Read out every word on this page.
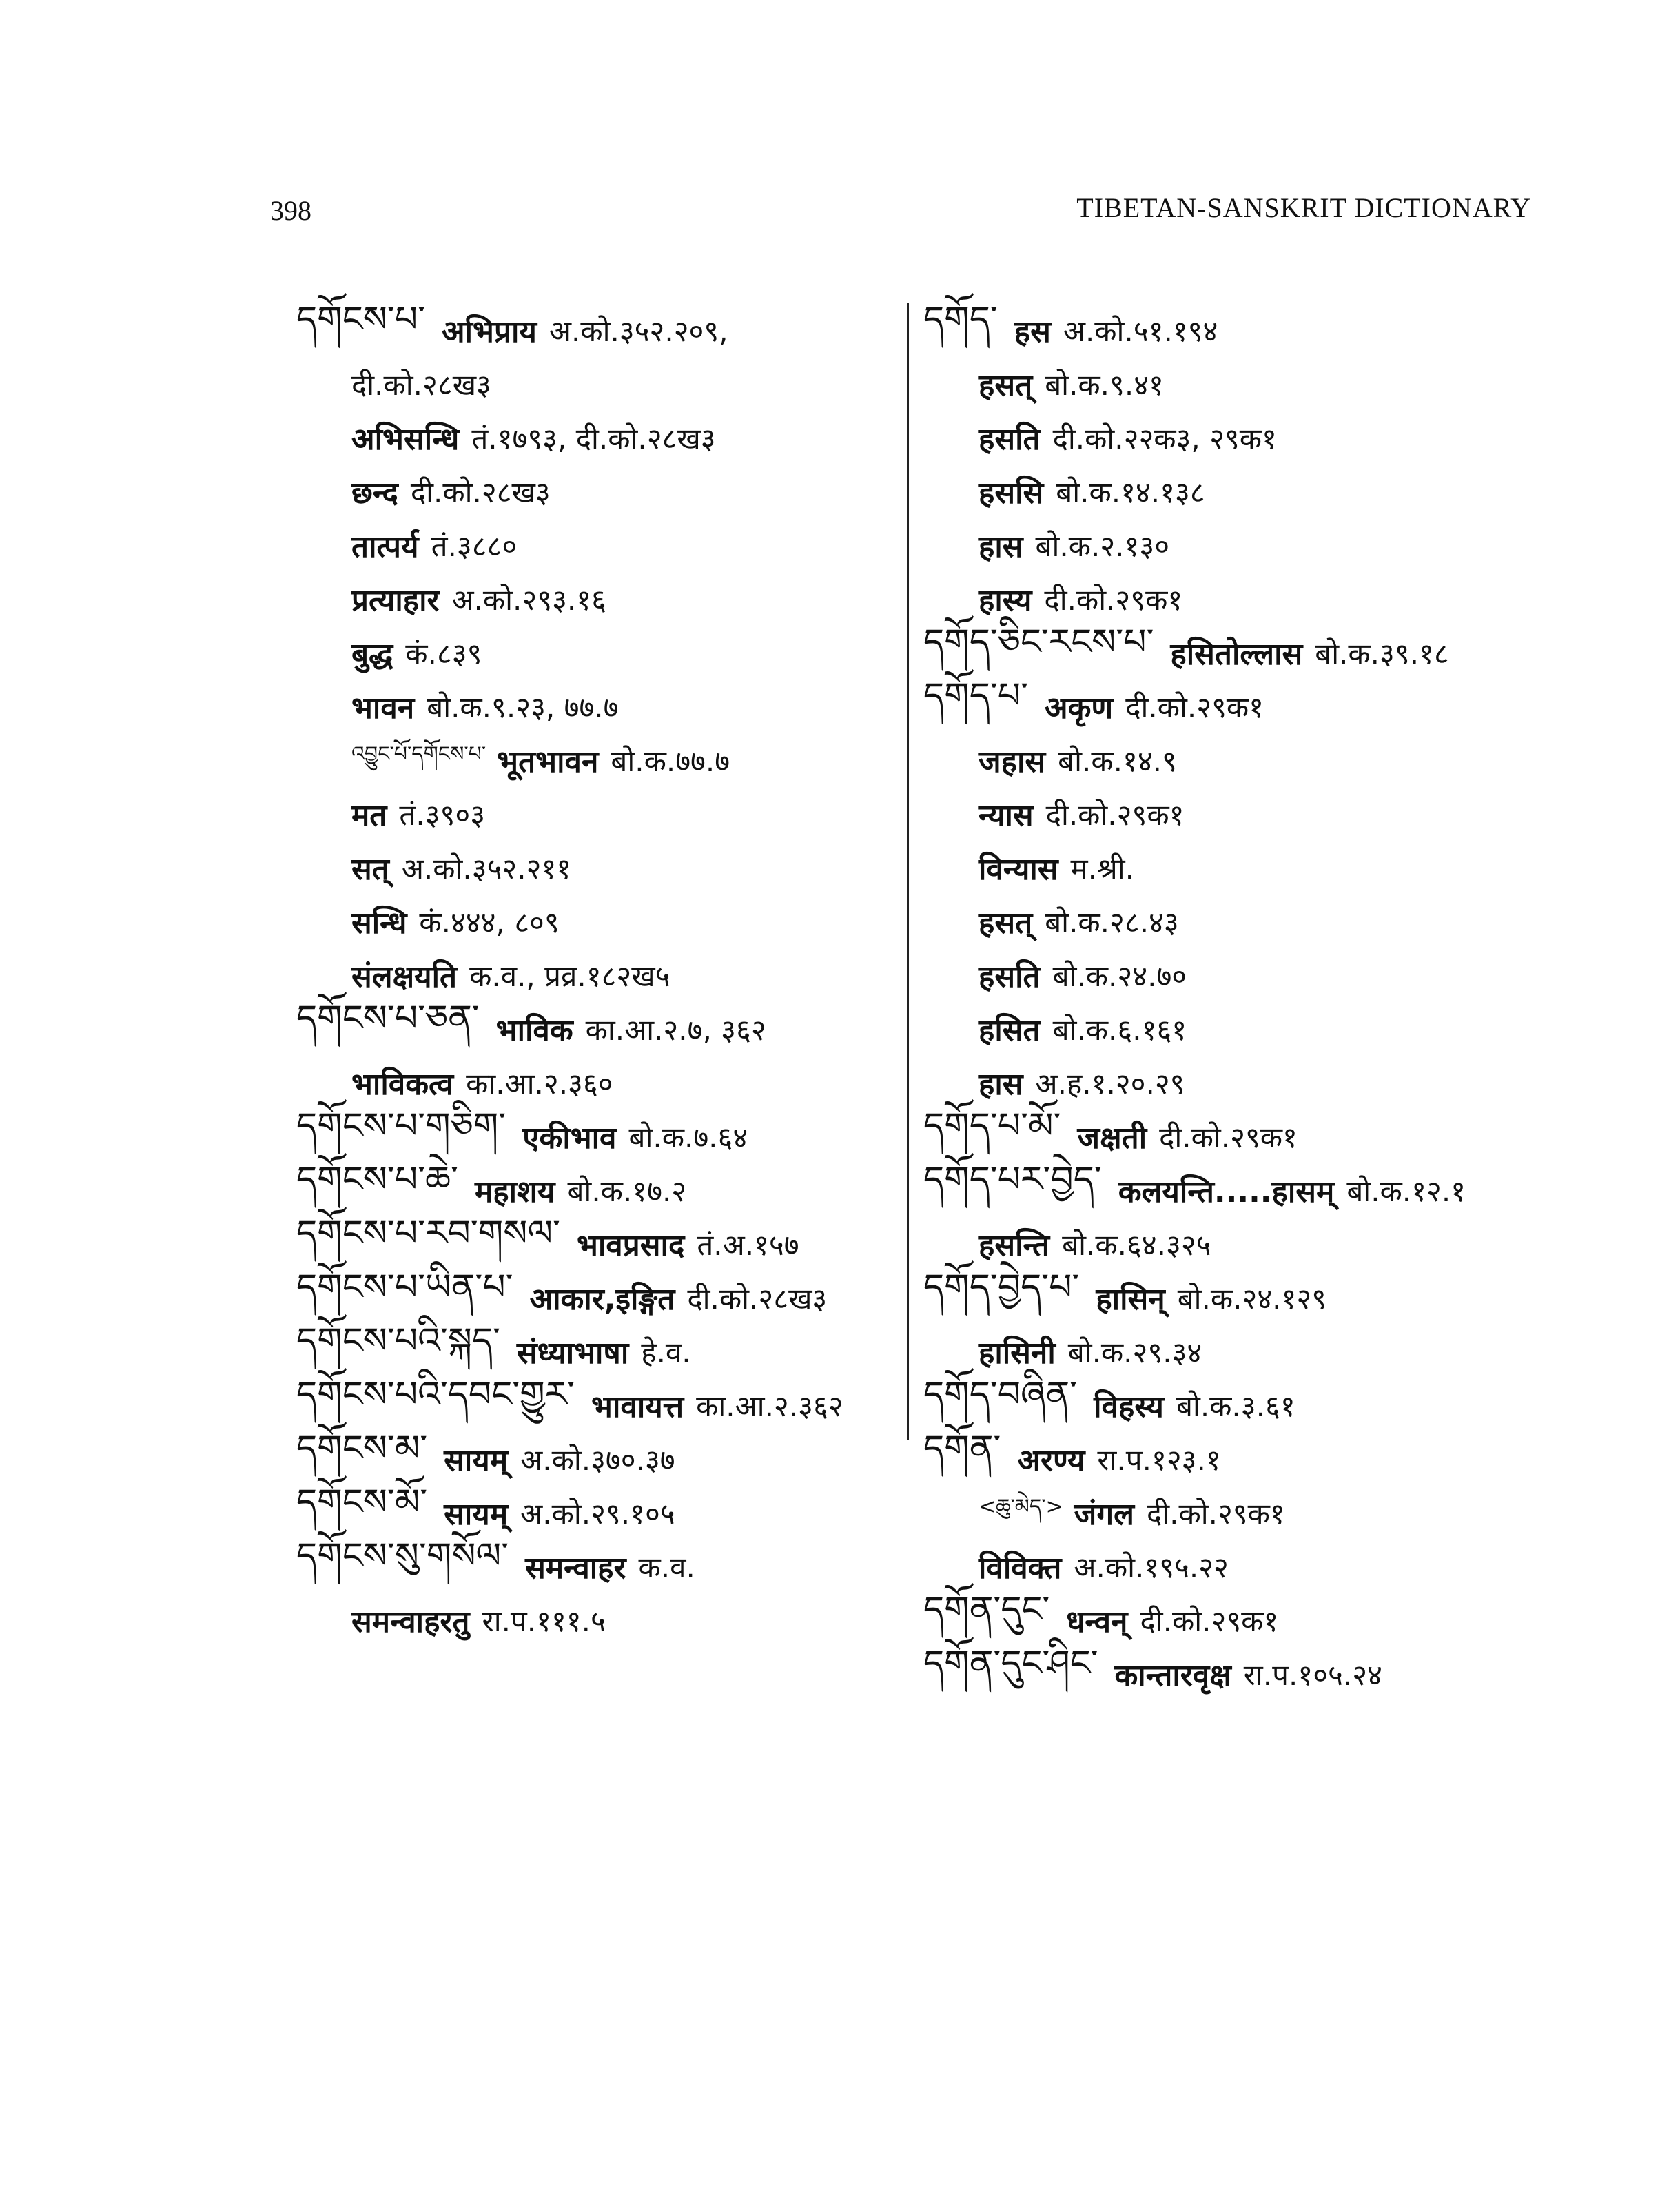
398	TIBETAN-SANSKRIT DICTIONARY
དགོངས་པ་ अभिप्राय अ.को.३५२.२०९,
दी.को.२८ख३
अभिसन्धि तं.१७९३, दी.को.२८ख३
छन्द दी.को.२८ख३
तात्पर्य तं.३८८०
प्रत्याहार अ.को.२९३.१६
बुद्ध कं.८३९
भावन बो.क.९.२३, ७७.७
འབྱུང་པོ་དགོངས་པ་ भूतभावन बो.क.७७.७
मत तं.३९०३
सत् अ.को.३५२.२११
सन्धि कं.४४४, ८०९
संलक्षयति क.व., प्रव्र.१८२ख५
དགོངས་པ་ཅན་ भाविक का.आ.२.७, ३६२
भाविकत्व का.आ.२.३६०
དགོངས་པ་གཅིག་ एकीभाव बो.क.७.६४
དགོངས་པ་ཆེ་ महाशय बो.क.१७.२
དགོངས་པ་རབ་གསལ་ भावप्रसाद तं.अ.१५७
དགོངས་པ་ཡིན་པ་ आकार,इङ्गित दी.को.२८ख३
དགོངས་པའི་སྐད་ संध्याभाषा हे.व.
དགོངས་པའི་དབང་གྱུར་ भावायत्त का.आ.२.३६२
དགོངས་མ་ सायम् अ.को.३७०.३७
དགོངས་མོ་ सायम् अ.को.२९.१०५
དགོངས་སུ་གསོལ་ समन्वाहर क.व.
समन्वाहरतु रा.प.१११.५
དགོད་ हस अ.को.५१.१९४
हसत् बो.क.९.४१
हसति दी.को.२२क३, २९क१
हससि बो.क.१४.१३८
हास बो.क.२.१३०
हास्य दी.को.२९क१
དགོད་ཅིང་རངས་པ་ हसितोल्लास बो.क.३९.१८
དགོད་པ་ अकृण दी.को.२९क१
जहास बो.क.१४.९
न्यास दी.को.२९क१
विन्यास म.श्री.
हसत् बो.क.२८.४३
हसति बो.क.२४.७०
हसित बो.क.६.१६१
हास अ.ह.१.२०.२९
དགོད་པ་མོ་ जक्षती दी.को.२९क१
དགོད་པར་བྱེད་ कलयन्ति.....हासम् बो.क.१२.१
हसन्ति बो.क.६४.३२५
དགོད་བྱེད་པ་ हासिन् बो.क.२४.१२९
हासिनी बो.क.२९.३४
དགོད་བཞིན་ विहस्य बो.क.३.६१
དགོན་ अरण्य रा.प.१२३.१
<ཆུ་མེད་> जंगल दी.को.२९क१
विविक्त अ.को.१९५.२२
དགོན་དུང་ धन्वन् दी.को.२९क१
དགོན་དུང་ཤིང་ कान्तारवृक्ष रा.प.१०५.२४
